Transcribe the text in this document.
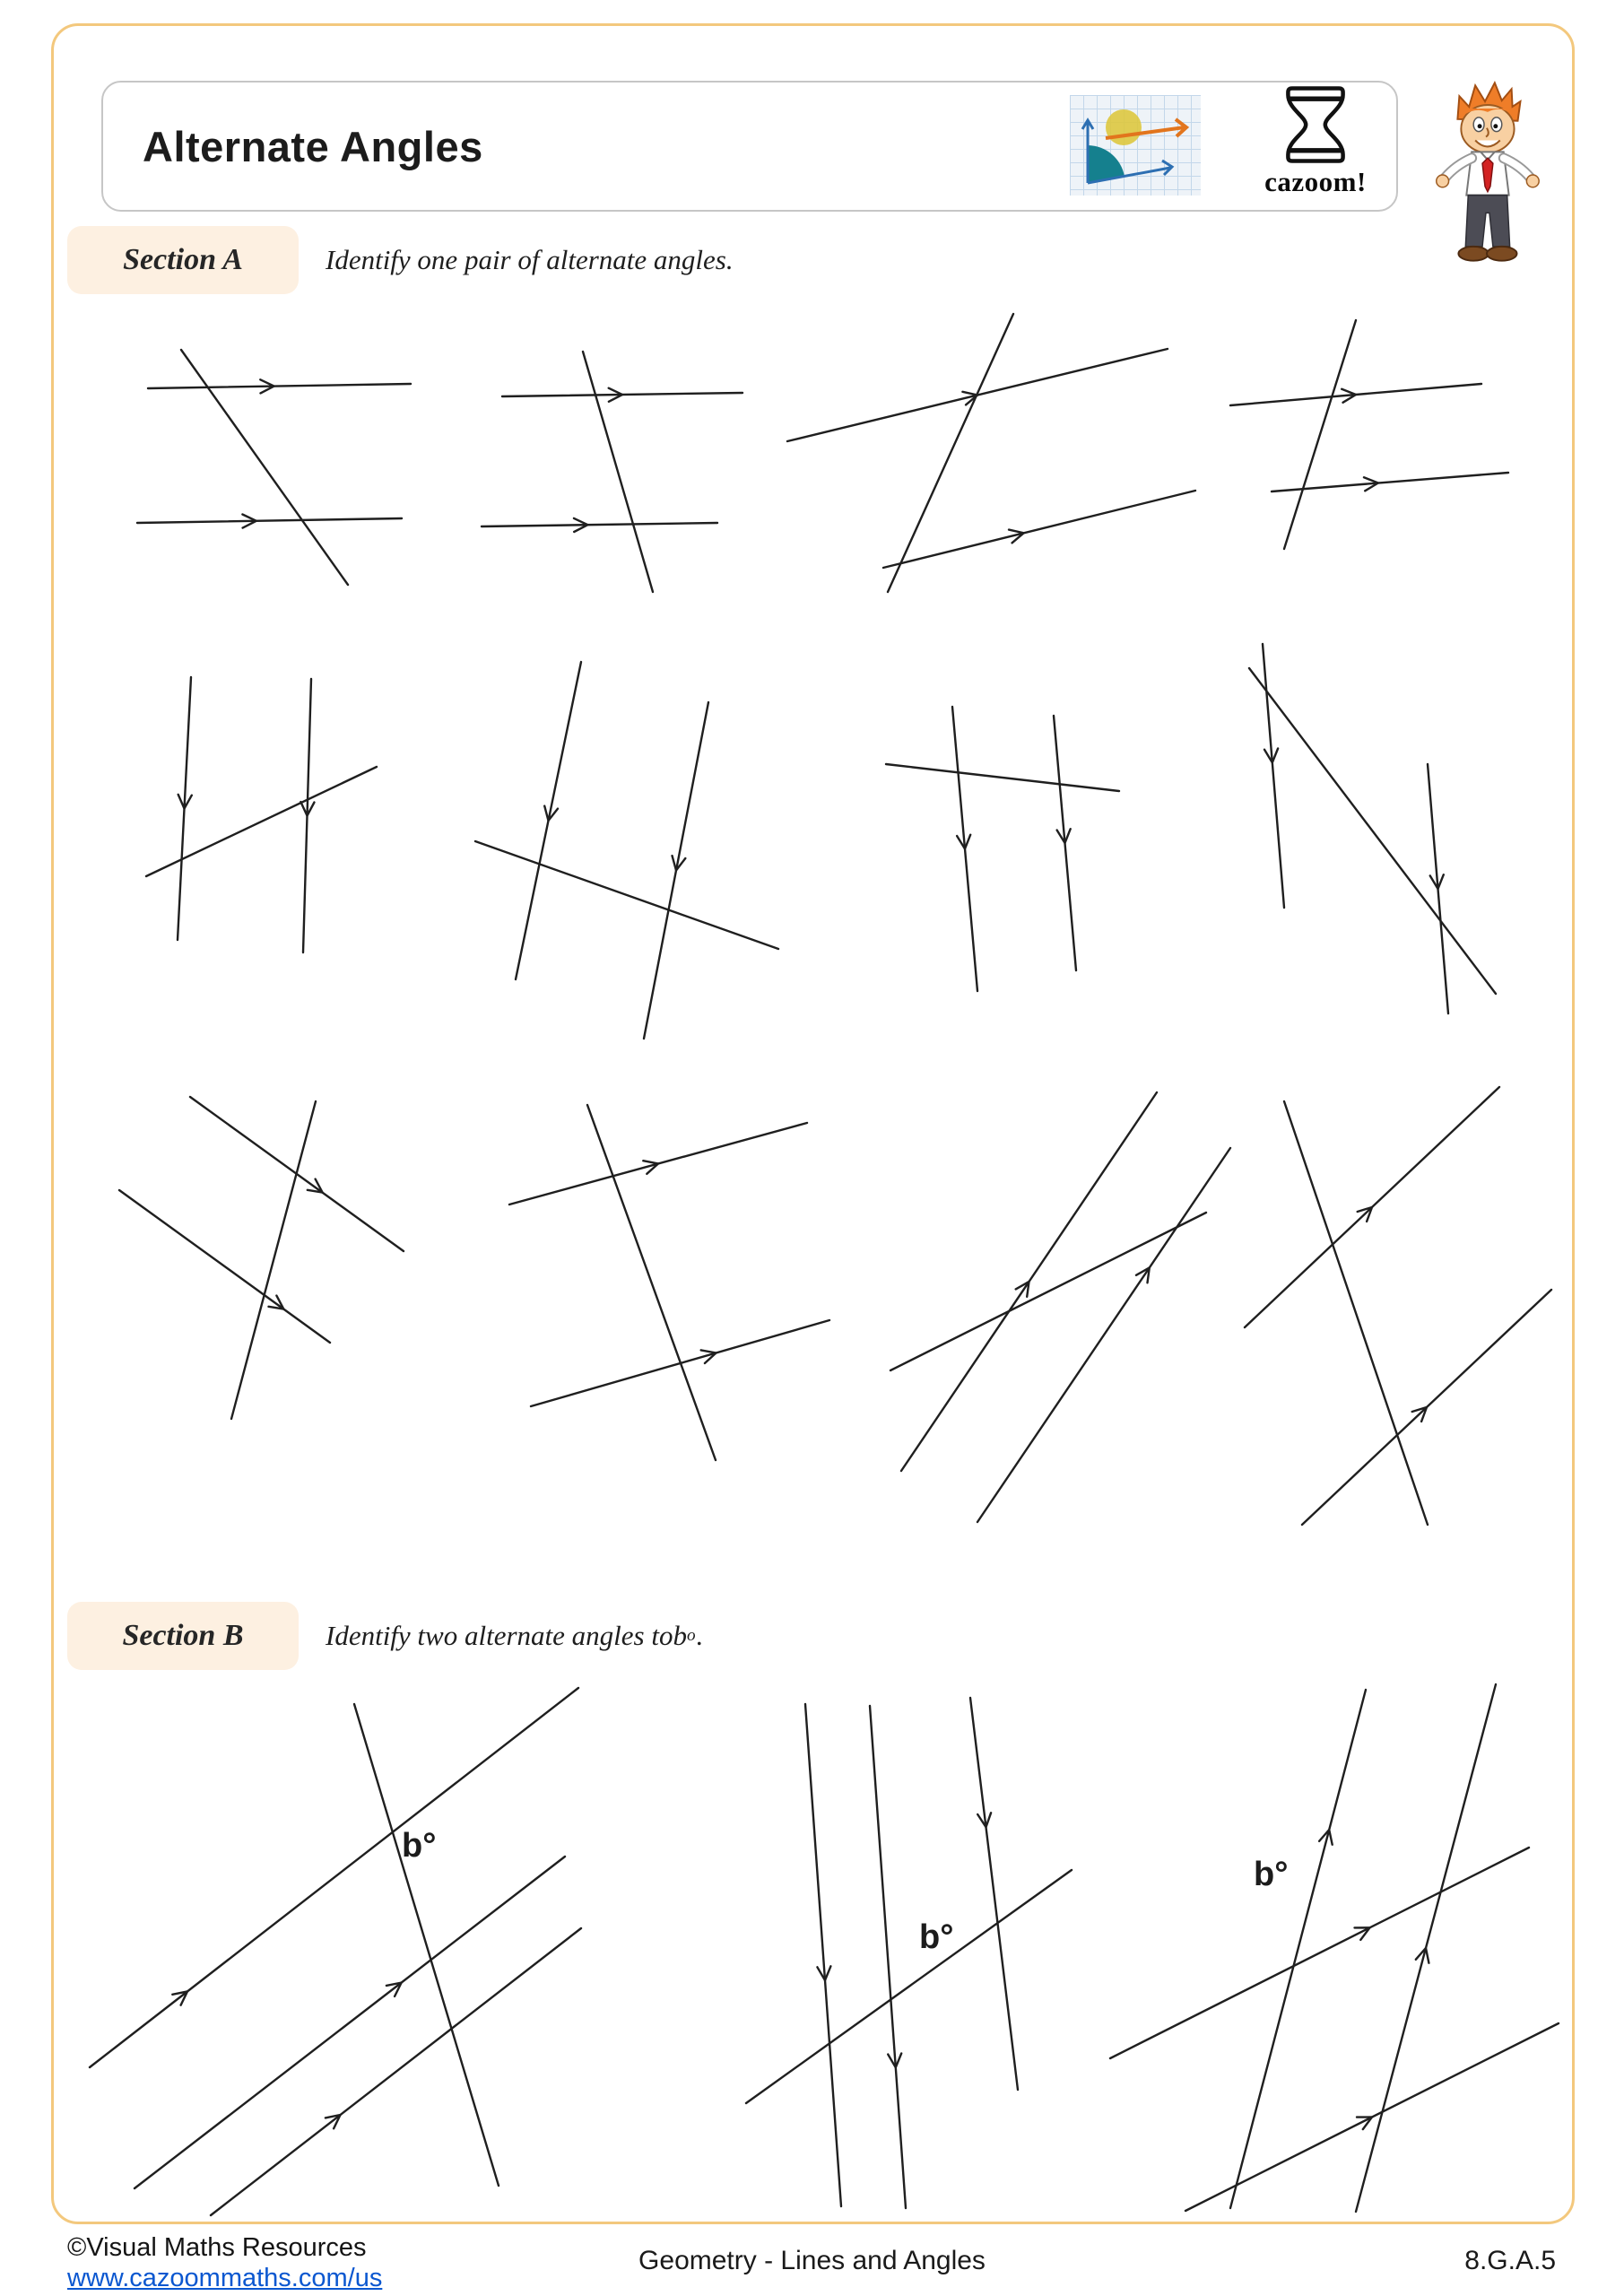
b°
b°
b°
Alternate Angles
cazoom!
Section A	Identify one pair of alternate angles.
Section B	Identify two alternate angles to b o .
©Visual Maths Resources
www.cazoommaths.com/us
Geometry - Lines and Angles	8.G.A.5
